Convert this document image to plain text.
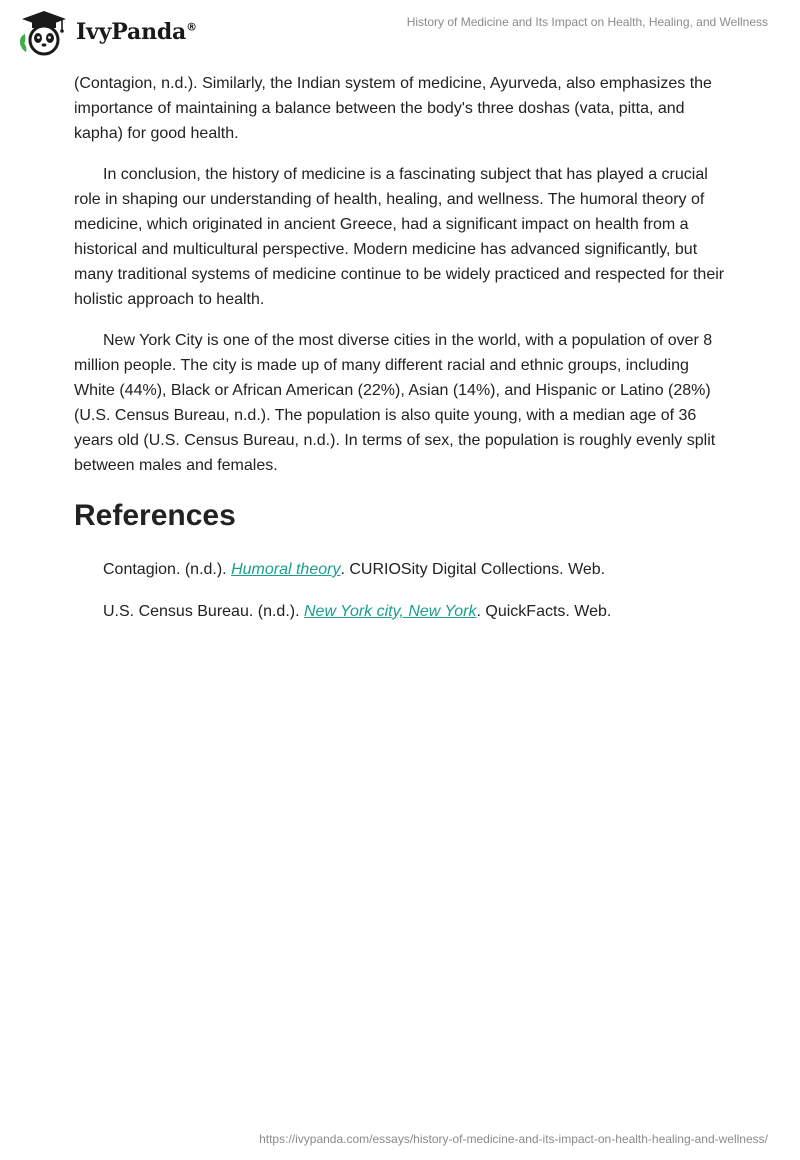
IvyPanda®	History of Medicine and Its Impact on Health, Healing, and Wellness

(Contagion, n.d.). Similarly, the Indian system of medicine, Ayurveda, also emphasizes the importance of maintaining a balance between the body's three doshas (vata, pitta, and kapha) for good health.

In conclusion, the history of medicine is a fascinating subject that has played a crucial role in shaping our understanding of health, healing, and wellness. The humoral theory of medicine, which originated in ancient Greece, had a significant impact on health from a historical and multicultural perspective. Modern medicine has advanced significantly, but many traditional systems of medicine continue to be widely practiced and respected for their holistic approach to health.

New York City is one of the most diverse cities in the world, with a population of over 8 million people. The city is made up of many different racial and ethnic groups, including White (44%), Black or African American (22%), Asian (14%), and Hispanic or Latino (28%) (U.S. Census Bureau, n.d.). The population is also quite young, with a median age of 36 years old (U.S. Census Bureau, n.d.). In terms of sex, the population is roughly evenly split between males and females.

References
Contagion. (n.d.). Humoral theory. CURIOSity Digital Collections. Web.
U.S. Census Bureau. (n.d.). New York city, New York. QuickFacts. Web.
https://ivypanda.com/essays/history-of-medicine-and-its-impact-on-health-healing-and-wellness/
